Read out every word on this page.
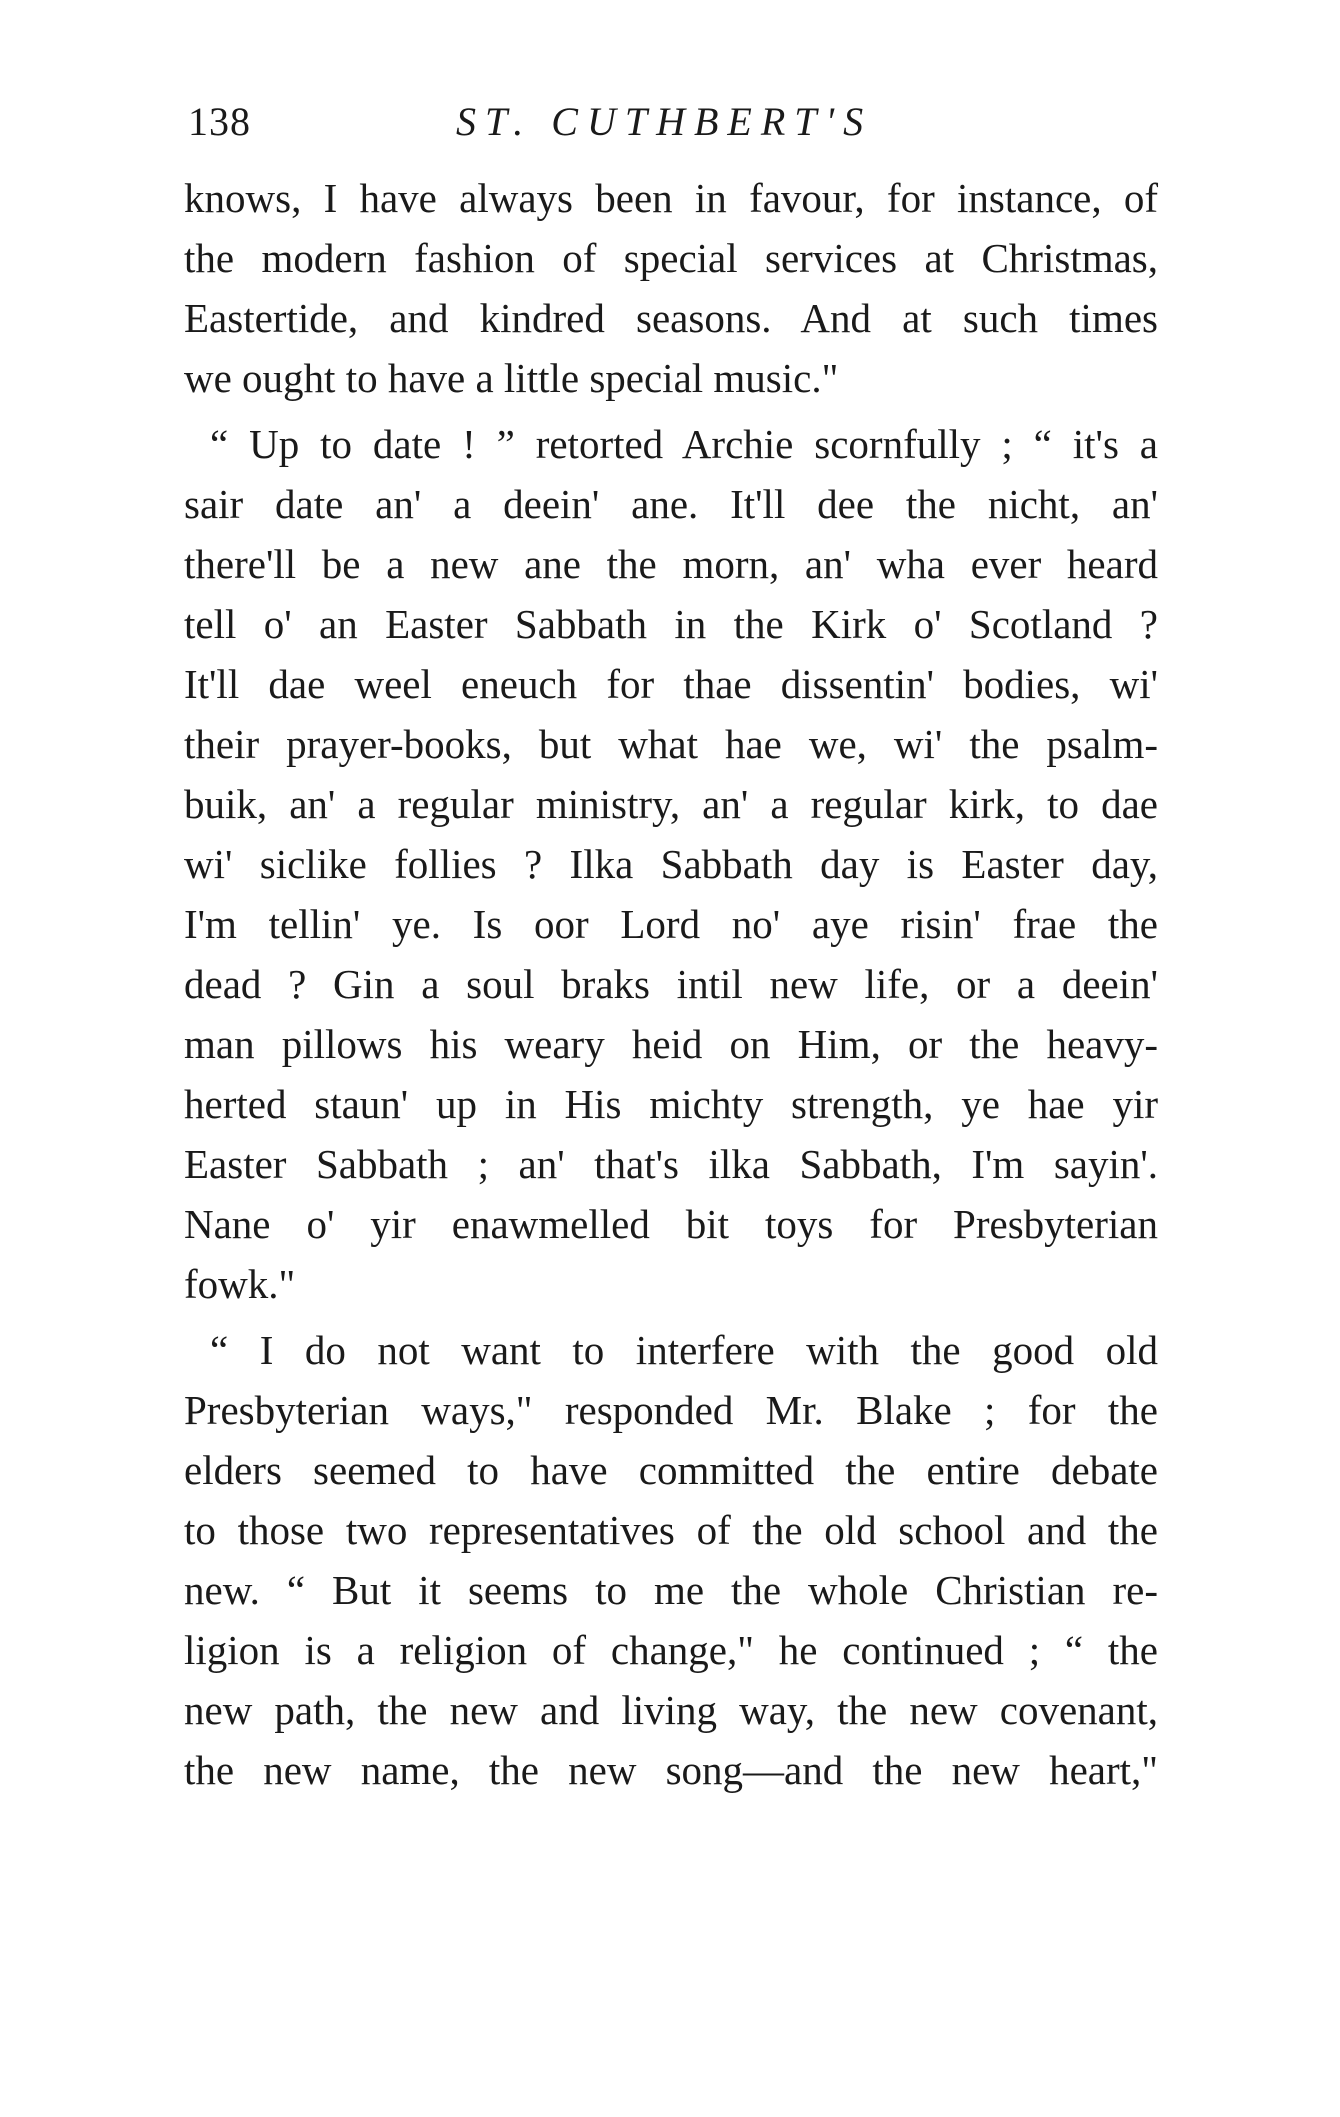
138	ST. CUTHBERT'S

knows, I have always been in favour, for instance, of
the modern fashion of special services at Christmas,
Eastertide, and kindred seasons. And at such times
we ought to have a little special music."

“ Up to date ! ” retorted Archie scornfully ; “ it's a
sair date an' a deein' ane. It'll dee the nicht, an'
there'll be a new ane the morn, an' wha ever heard
tell o' an Easter Sabbath in the Kirk o' Scotland ?
It'll dae weel eneuch for thae dissentin' bodies, wi'
their prayer-books, but what hae we, wi' the psalm-
buik, an' a regular ministry, an' a regular kirk, to dae
wi' siclike follies ? Ilka Sabbath day is Easter day,
I'm tellin' ye. Is oor Lord no' aye risin' frae the
dead ? Gin a soul braks intil new life, or a deein'
man pillows his weary heid on Him, or the heavy-
herted staun' up in His michty strength, ye hae yir
Easter Sabbath ; an' that's ilka Sabbath, I'm sayin'.
Nane o' yir enawmelled bit toys for Presbyterian
fowk."

“ I do not want to interfere with the good old
Presbyterian ways," responded Mr. Blake ; for the
elders seemed to have committed the entire debate
to those two representatives of the old school and the
new. “ But it seems to me the whole Christian re-
ligion is a religion of change," he continued ; “ the
new path, the new and living way, the new covenant,
the new name, the new song—and the new heart,"
